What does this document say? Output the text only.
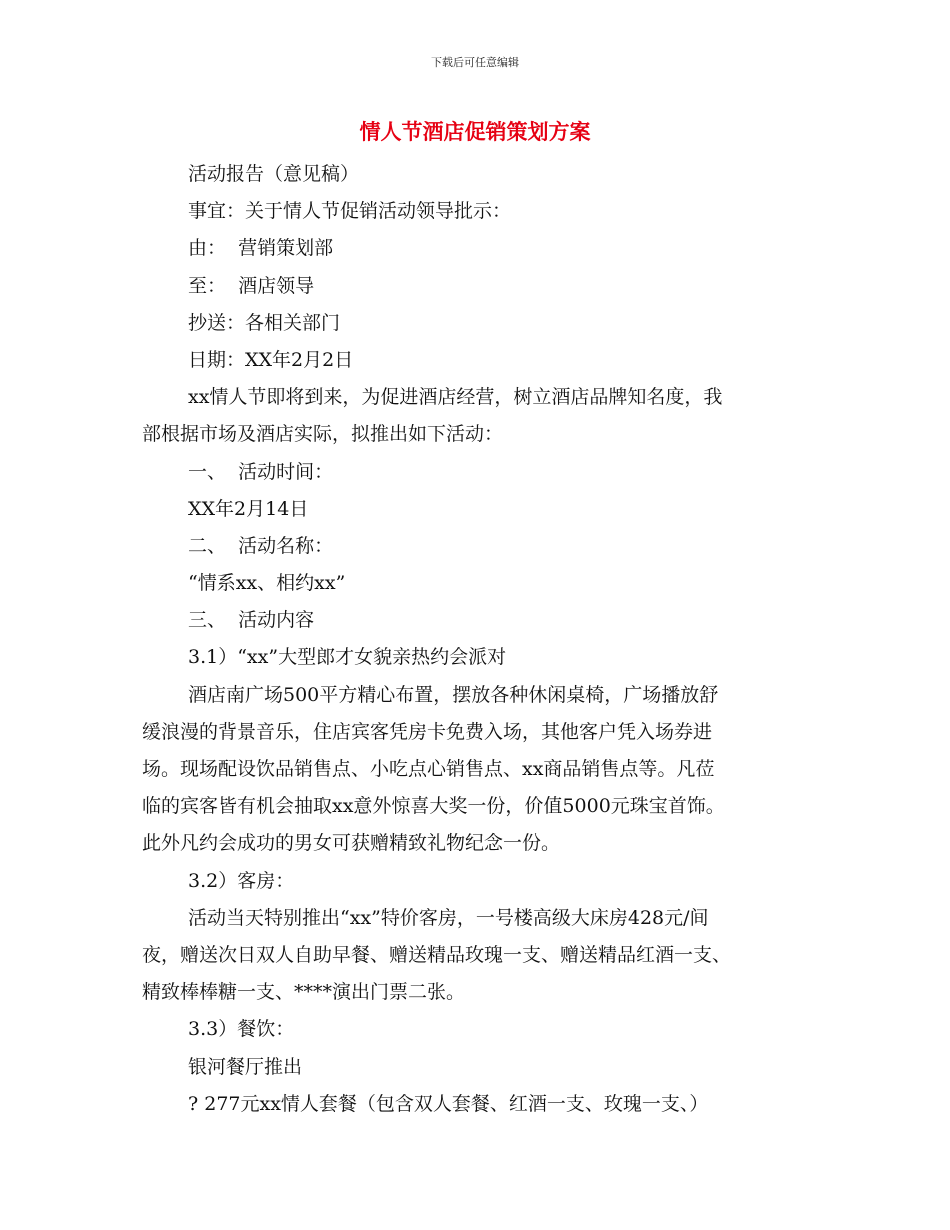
下载后可任意编辑
情人节酒店促销策划方案
活动报告（意见稿）
事宜：关于情人节促销活动领导批示：
由：  营销策划部
至：  酒店领导
抄送：各相关部门
日期：XX年2月2日
xx情人节即将到来，为促进酒店经营，树立酒店品牌知名度，我
部根据市场及酒店实际，拟推出如下活动：
一、  活动时间：
XX年2月14日
二、  活动名称：
“情系xx、相约xx”
三、  活动内容
3.1）“xx”大型郎才女貌亲热约会派对
酒店南广场500平方精心布置，摆放各种休闲桌椅，广场播放舒
缓浪漫的背景音乐，住店宾客凭房卡免费入场，其他客户凭入场券进
场。现场配设饮品销售点、小吃点心销售点、xx商品销售点等。凡莅
临的宾客皆有机会抽取xx意外惊喜大奖一份，价值5000元珠宝首饰。
此外凡约会成功的男女可获赠精致礼物纪念一份。
3.2）客房：
活动当天特别推出“xx”特价客房，一号楼高级大床房428元/间
夜，赠送次日双人自助早餐、赠送精品玫瑰一支、赠送精品红酒一支、
精致棒棒糖一支、****演出门票二张。
3.3）餐饮：
银河餐厅推出
? 277元xx情人套餐（包含双人套餐、红酒一支、玫瑰一支、）
